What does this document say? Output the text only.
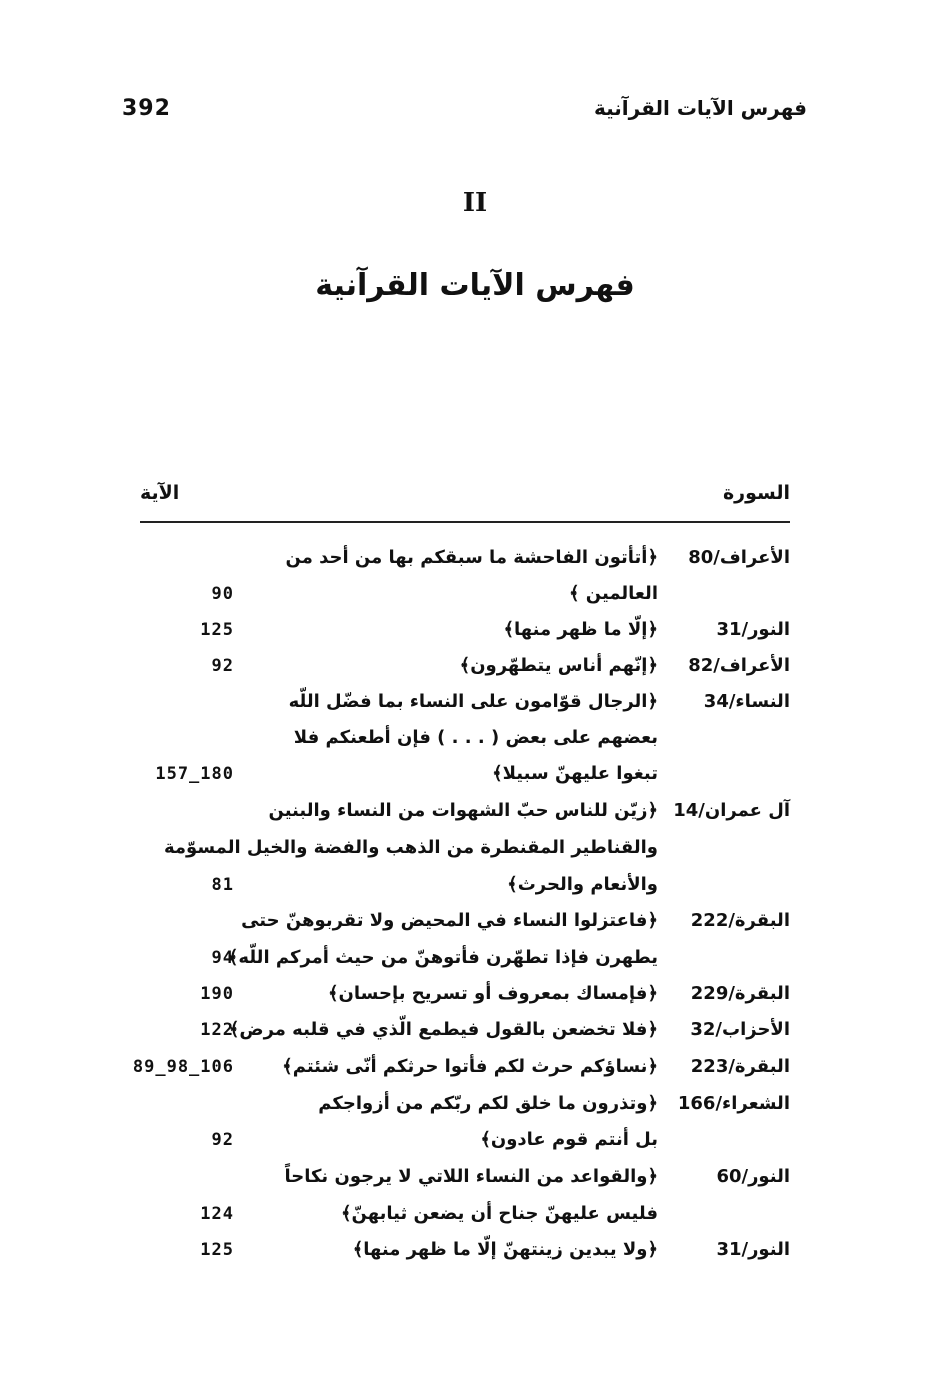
392	فهرس الآيات القرآنية
II
فهرس الآيات القرآنية
السورة
الآية
الأعراف/80
﴿أتأتون الفاحشة ما سبقكم بها من أحد من
العالمين ﴾
90
النور/31
﴿إلّا ما ظهر منها﴾
125
الأعراف/82
﴿إنّهم أناس يتطهّرون﴾
92
النساء/34
﴿الرجال قوّامون على النساء بما فضّل اللّه
بعضهم على بعض ( . . . ) فإن أطعنكم فلا
تبغوا عليهنّ سبيلا﴾
157_180
آل عمران/14
﴿زيّن للناس حبّ الشهوات من النساء والبنين
والقناطير المقنطرة من الذهب والفضة والخيل المسوّمة
والأنعام والحرث﴾
81
البقرة/222
﴿فاعتزلوا النساء في المحيض ولا تقربوهنّ حتى
يطهرن فإذا تطهّرن فأتوهنّ من حيث أمركم اللّه﴾
94
البقرة/229
﴿فإمساك بمعروف أو تسريح بإحسان﴾
190
الأحزاب/32
﴿فلا تخضعن بالقول فيطمع الّذي في قلبه مرض﴾
122
البقرة/223
﴿نساؤكم حرث لكم فأتوا حرثكم أنّى شئتم﴾
89_98_106
الشعراء/166
﴿وتذرون ما خلق لكم ربّكم من أزواجكم
بل أنتم قوم عادون﴾
92
النور/60
﴿والقواعد من النساء اللاتي لا يرجون نكاحاً
فليس عليهنّ جناح أن يضعن ثيابهنّ﴾
124
النور/31
﴿ولا يبدين زينتهنّ إلّا ما ظهر منها﴾
125
